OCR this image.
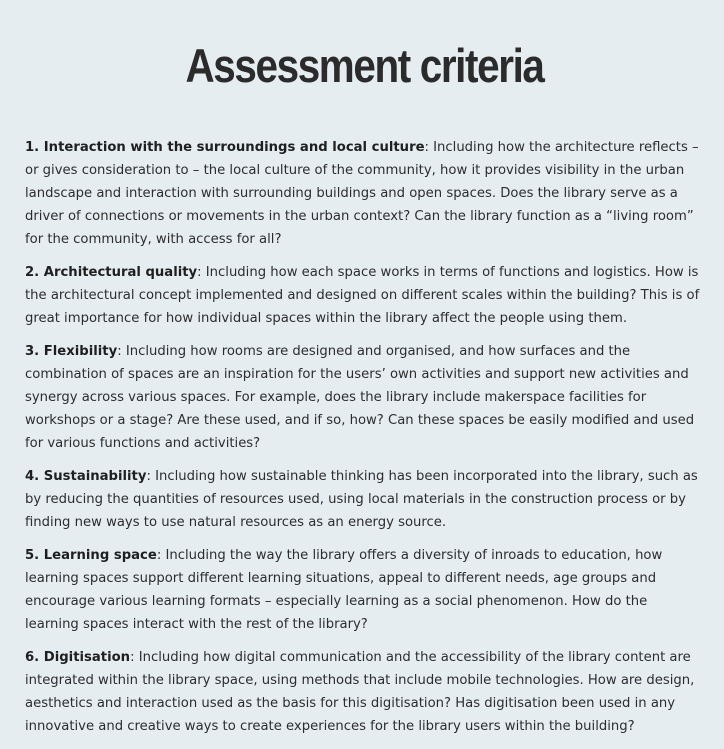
Assessment criteria

1. Interaction with the surroundings and local culture: Including how the architecture reflects – or gives consideration to – the local culture of the community, how it provides visibility in the urban landscape and interaction with surrounding buildings and open spaces. Does the library serve as a driver of connections or movements in the urban context? Can the library function as a “living room” for the community, with access for all?

2. Architectural quality: Including how each space works in terms of functions and logistics. How is the architectural concept implemented and designed on different scales within the building? This is of great importance for how individual spaces within the library affect the people using them.

3. Flexibility: Including how rooms are designed and organised, and how surfaces and the combination of spaces are an inspiration for the users’ own activities and support new activities and synergy across various spaces. For example, does the library include makerspace facilities for workshops or a stage? Are these used, and if so, how? Can these spaces be easily modified and used for various functions and activities?

4. Sustainability: Including how sustainable thinking has been incorporated into the library, such as by reducing the quantities of resources used, using local materials in the construction process or by finding new ways to use natural resources as an energy source.

5. Learning space: Including the way the library offers a diversity of inroads to education, how learning spaces support different learning situations, appeal to different needs, age groups and encourage various learning formats – especially learning as a social phenomenon. How do the learning spaces interact with the rest of the library?

6. Digitisation: Including how digital communication and the accessibility of the library content are integrated within the library space, using methods that include mobile technologies. How are design, aesthetics and interaction used as the basis for this digitisation? Has digitisation been used in any innovative and creative ways to create experiences for the library users within the building?
